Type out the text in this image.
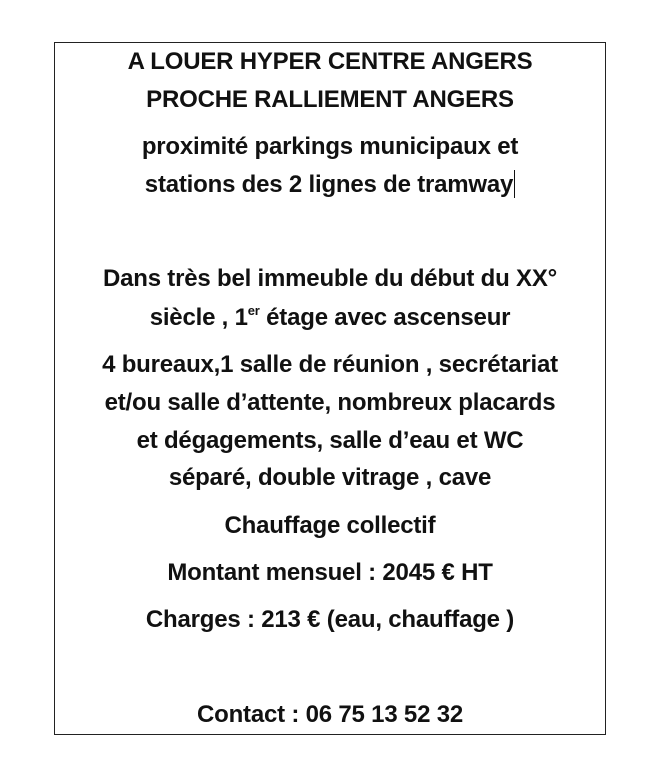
A LOUER HYPER CENTRE ANGERS
PROCHE RALLIEMENT ANGERS
proximité parkings municipaux et
stations des 2 lignes de tramway
Dans très bel immeuble du début du XX°
siècle , 1er étage avec ascenseur
4 bureaux,1 salle de réunion , secrétariat
et/ou salle d’attente, nombreux placards
et dégagements, salle d’eau et WC
séparé, double vitrage , cave
Chauffage collectif
Montant mensuel : 2045 € HT
Charges : 213 € (eau, chauffage )
Contact : 06 75 13 52 32
